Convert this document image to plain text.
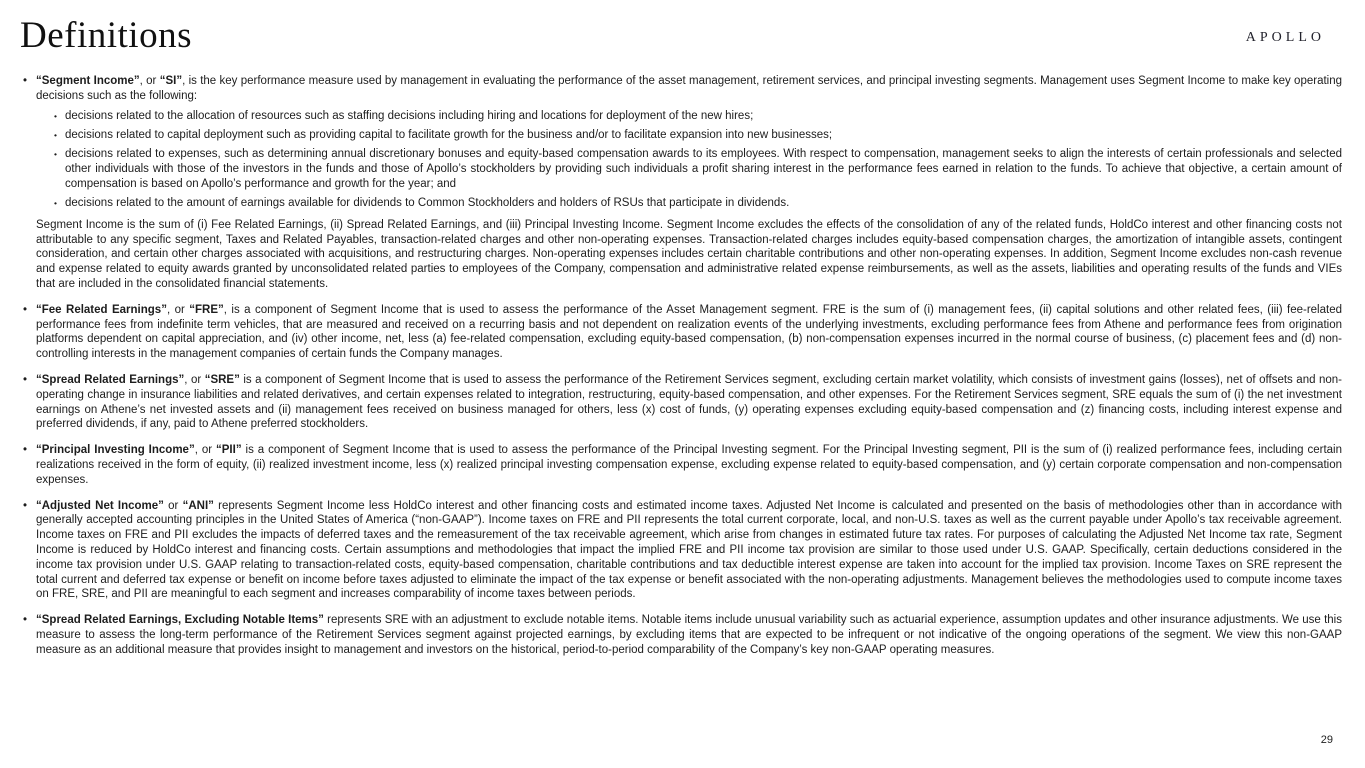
Definitions	APOLLO
• “Segment Income”, or “SI”, is the key performance measure used by management in evaluating the performance of the asset management, retirement services, and principal investing segments. Management uses Segment Income to make key operating decisions such as the following:

• decisions related to the allocation of resources such as staffing decisions including hiring and locations for deployment of the new hires;
• decisions related to capital deployment such as providing capital to facilitate growth for the business and/or to facilitate expansion into new businesses;
• decisions related to expenses, such as determining annual discretionary bonuses and equity-based compensation awards to its employees. With respect to compensation, management seeks to align the interests of certain professionals and selected other individuals with those of the investors in the funds and those of Apollo’s stockholders by providing such individuals a profit sharing interest in the performance fees earned in relation to the funds. To achieve that objective, a certain amount of compensation is based on Apollo’s performance and growth for the year; and
• decisions related to the amount of earnings available for dividends to Common Stockholders and holders of RSUs that participate in dividends.

Segment Income is the sum of (i) Fee Related Earnings, (ii) Spread Related Earnings, and (iii) Principal Investing Income. Segment Income excludes the effects of the consolidation of any of the related funds, HoldCo interest and other financing costs not attributable to any specific segment, Taxes and Related Payables, transaction-related charges and other non-operating expenses. Transaction-related charges includes equity-based compensation charges, the amortization of intangible assets, contingent consideration, and certain other charges associated with acquisitions, and restructuring charges. Non-operating expenses includes certain charitable contributions and other non-operating expenses. In addition, Segment Income excludes non-cash revenue and expense related to equity awards granted by unconsolidated related parties to employees of the Company, compensation and administrative related expense reimbursements, as well as the assets, liabilities and operating results of the funds and VIEs that are included in the consolidated financial statements.

• “Fee Related Earnings”, or “FRE”, is a component of Segment Income that is used to assess the performance of the Asset Management segment. FRE is the sum of (i) management fees, (ii) capital solutions and other related fees, (iii) fee-related performance fees from indefinite term vehicles, that are measured and received on a recurring basis and not dependent on realization events of the underlying investments, excluding performance fees from Athene and performance fees from origination platforms dependent on capital appreciation, and (iv) other income, net, less (a) fee-related compensation, excluding equity-based compensation, (b) non-compensation expenses incurred in the normal course of business, (c) placement fees and (d) non-controlling interests in the management companies of certain funds the Company manages.

• “Spread Related Earnings”, or “SRE” is a component of Segment Income that is used to assess the performance of the Retirement Services segment, excluding certain market volatility, which consists of investment gains (losses), net of offsets and non-operating change in insurance liabilities and related derivatives, and certain expenses related to integration, restructuring, equity-based compensation, and other expenses. For the Retirement Services segment, SRE equals the sum of (i) the net investment earnings on Athene’s net invested assets and (ii) management fees received on business managed for others, less (x) cost of funds, (y) operating expenses excluding equity-based compensation and (z) financing costs, including interest expense and preferred dividends, if any, paid to Athene preferred stockholders.

• “Principal Investing Income”, or “PII” is a component of Segment Income that is used to assess the performance of the Principal Investing segment. For the Principal Investing segment, PII is the sum of (i) realized performance fees, including certain realizations received in the form of equity, (ii) realized investment income, less (x) realized principal investing compensation expense, excluding expense related to equity-based compensation, and (y) certain corporate compensation and non-compensation expenses.

• “Adjusted Net Income” or “ANI” represents Segment Income less HoldCo interest and other financing costs and estimated income taxes. Adjusted Net Income is calculated and presented on the basis of methodologies other than in accordance with generally accepted accounting principles in the United States of America (“non-GAAP”). Income taxes on FRE and PII represents the total current corporate, local, and non-U.S. taxes as well as the current payable under Apollo’s tax receivable agreement. Income taxes on FRE and PII excludes the impacts of deferred taxes and the remeasurement of the tax receivable agreement, which arise from changes in estimated future tax rates. For purposes of calculating the Adjusted Net Income tax rate, Segment Income is reduced by HoldCo interest and financing costs. Certain assumptions and methodologies that impact the implied FRE and PII income tax provision are similar to those used under U.S. GAAP. Specifically, certain deductions considered in the income tax provision under U.S. GAAP relating to transaction-related costs, equity-based compensation, charitable contributions and tax deductible interest expense are taken into account for the implied tax provision. Income Taxes on SRE represent the total current and deferred tax expense or benefit on income before taxes adjusted to eliminate the impact of the tax expense or benefit associated with the non-operating adjustments. Management believes the methodologies used to compute income taxes on FRE, SRE, and PII are meaningful to each segment and increases comparability of income taxes between periods.

• “Spread Related Earnings, Excluding Notable Items” represents SRE with an adjustment to exclude notable items. Notable items include unusual variability such as actuarial experience, assumption updates and other insurance adjustments. We use this measure to assess the long-term performance of the Retirement Services segment against projected earnings, by excluding items that are expected to be infrequent or not indicative of the ongoing operations of the segment. We view this non-GAAP measure as an additional measure that provides insight to management and investors on the historical, period-to-period comparability of the Company’s key non-GAAP operating measures.

29
